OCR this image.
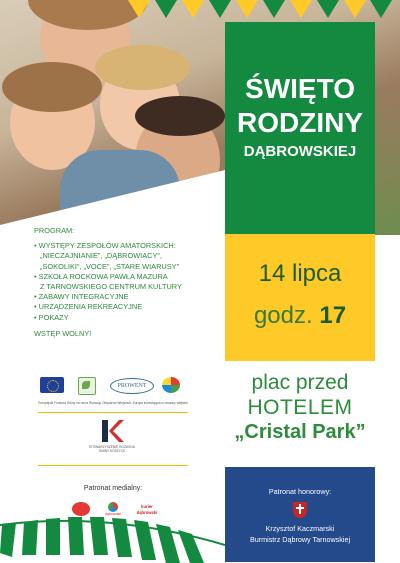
ŚWIĘTO
RODZINY
DĄBROWSKIEJ
14 lipca
godz. 17
plac przed
HOTELEM
„Cristal Park”
PROGRAM:
• WYSTĘPY ZESPOŁÓW AMATORSKICH:
„NIECZAJNIANIE”, „DĄBROWIACY”,
„SOKOLIKI”, „VOCE”, „STARE WIARUSY”
• SZKOŁA ROCKOWA PAWŁA MAZURA
Z TARNOWSKIEGO CENTRUM KULTURY
• ZABAWY INTEGRACYJNE
• URZĄDZENIA REKREACYJNE
• POKAZY
WSTĘP WOLNY!
PROWENT
Europejski Fundusz Rolny na rzecz Rozwoju Obszarów Wiejskich: Europa inwestująca w obszary wiejskie
STOWARZYSZENIE ROZWOJU GMINY KOSZYCE
Patronat medialny:
dąbrowski
kurier dąbrowski
Patronat honorowy:
Krzysztof Kaczmarski
Burmistrz Dąbrowy Tarnowskiej
